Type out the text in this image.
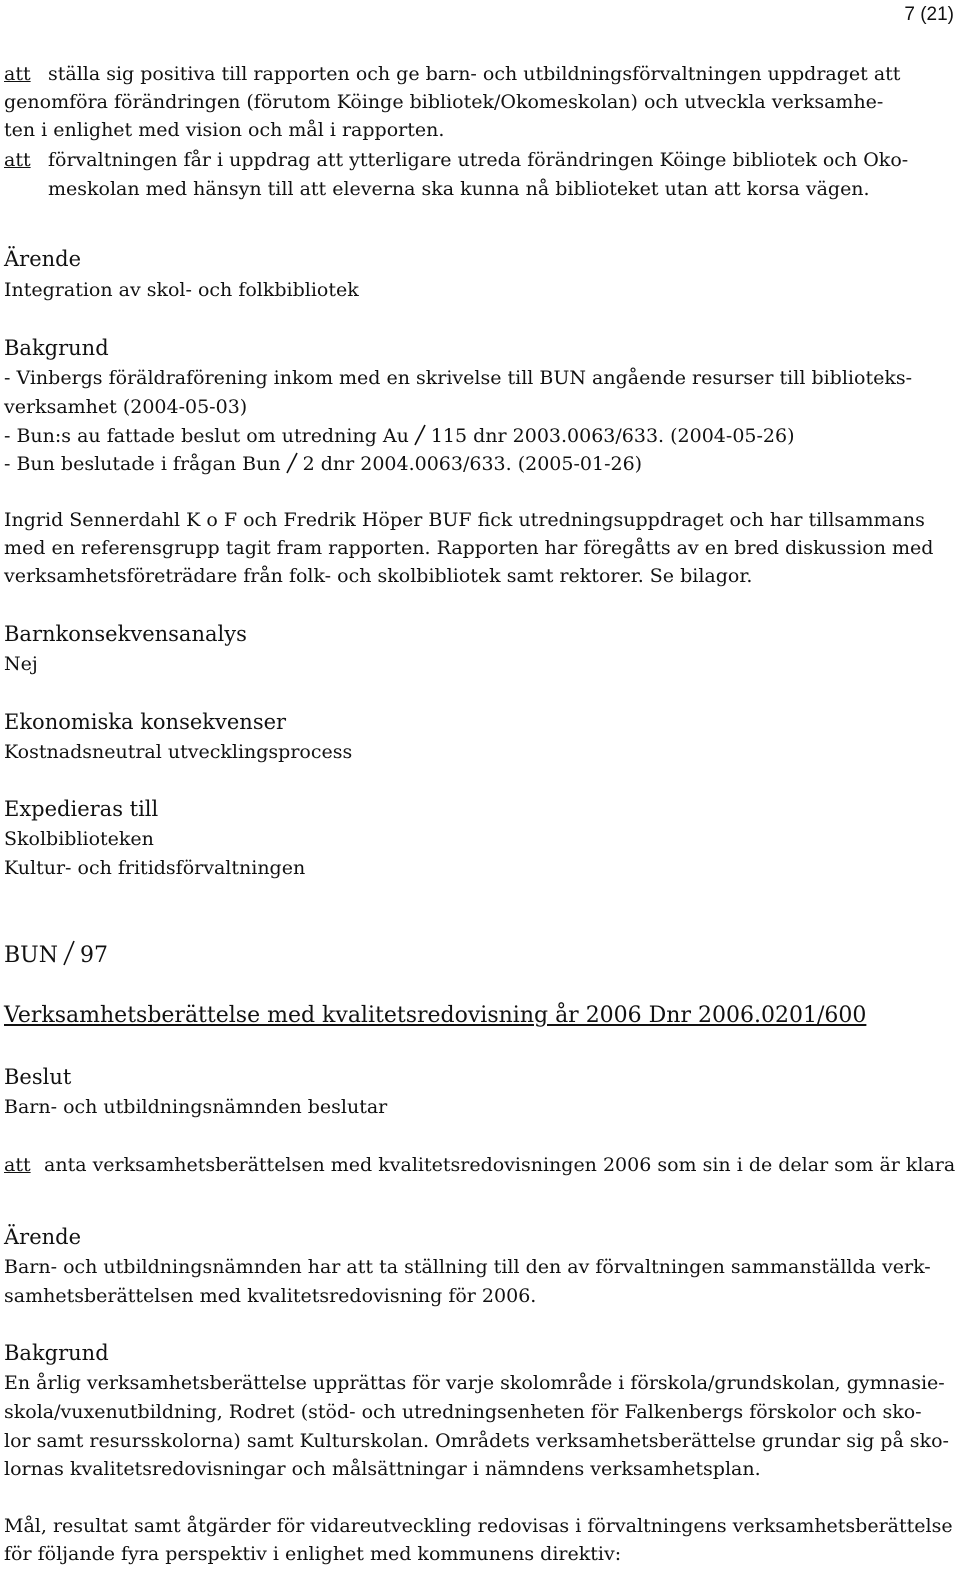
7 (21)
att ställa sig positiva till rapporten och ge barn- och utbildningsförvaltningen uppdraget att
genomföra förändringen (förutom Köinge bibliotek/Okomeskolan) och utveckla verksamhe-
ten i enlighet med vision och mål i rapporten.
att förvaltningen får i uppdrag att ytterligare utreda förändringen Köinge bibliotek och Oko-
meskolan med hänsyn till att eleverna ska kunna nå biblioteket utan att korsa vägen.
Ärende
Integration av skol- och folkbibliotek
Bakgrund
- Vinbergs föräldraförening inkom med en skrivelse till BUN angående resurser till biblioteks-
verksamhet (2004-05-03)
- Bun:s au fattade beslut om utredning Au 115 dnr 2003.0063/633. (2004-05-26)
- Bun beslutade i frågan Bun 2 dnr 2004.0063/633. (2005-01-26)
Ingrid Sennerdahl K o F och Fredrik Höper BUF fick utredningsuppdraget och har tillsammans
med en referensgrupp tagit fram rapporten. Rapporten har föregåtts av en bred diskussion med
verksamhetsföreträdare från folk- och skolbibliotek samt rektorer. Se bilagor.
Barnkonsekvensanalys
Nej
Ekonomiska konsekvenser
Kostnadsneutral utvecklingsprocess
Expedieras till
Skolbiblioteken
Kultur- och fritidsförvaltningen
BUN 97
Verksamhetsberättelse med kvalitetsredovisning år 2006 Dnr 2006.0201/600
Beslut
Barn- och utbildningsnämnden beslutar
att anta verksamhetsberättelsen med kvalitetsredovisningen 2006 som sin i de delar som är klara
Ärende
Barn- och utbildningsnämnden har att ta ställning till den av förvaltningen sammanställda verk-
samhetsberättelsen med kvalitetsredovisning för 2006.
Bakgrund
En årlig verksamhetsberättelse upprättas för varje skolområde i förskola/grundskolan, gymnasie-
skola/vuxenutbildning, Rodret (stöd- och utredningsenheten för Falkenbergs förskolor och sko-
lor samt resursskolorna) samt Kulturskolan. Områdets verksamhetsberättelse grundar sig på sko-
lornas kvalitetsredovisningar och målsättningar i nämndens verksamhetsplan.
Mål, resultat samt åtgärder för vidareutveckling redovisas i förvaltningens verksamhetsberättelse
för följande fyra perspektiv i enlighet med kommunens direktiv:
